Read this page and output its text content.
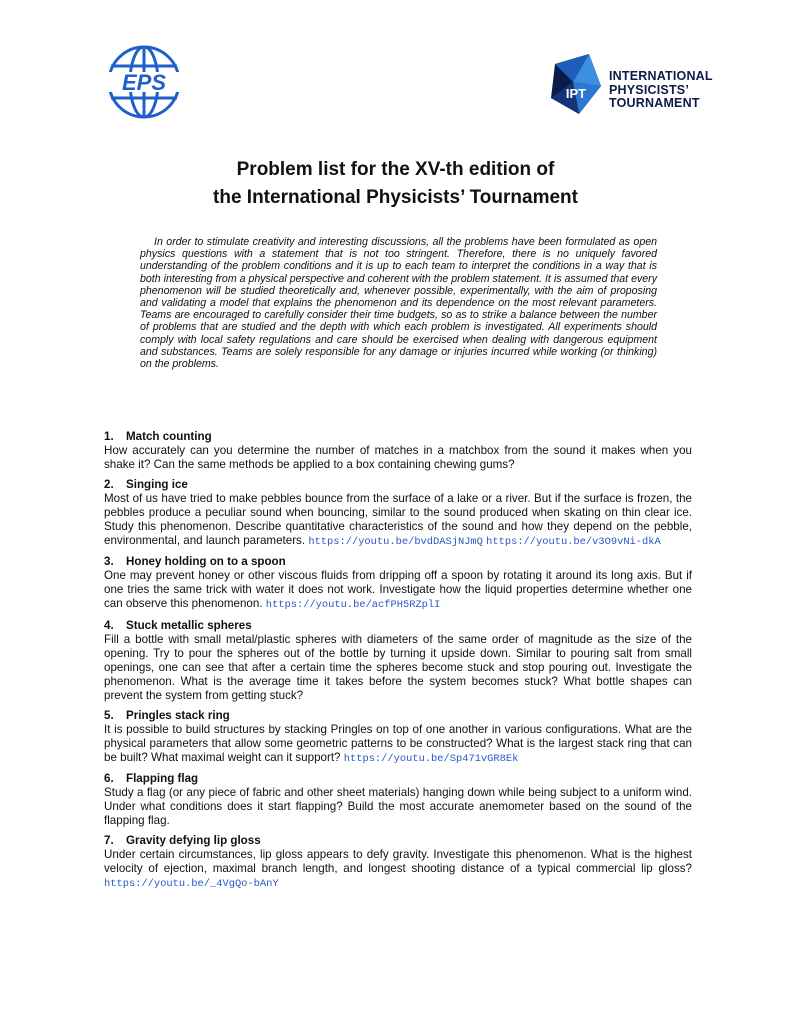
EPS	IPT
INTERNATIONAL
PHYSICISTS’
TOURNAMENT
Problem list for the XV-th edition of
the International Physicists’ Tournament

In order to stimulate creativity and interesting discussions, all the problems have been formulated as open physics questions with a statement that is not too stringent. Therefore, there is no uniquely favored understanding of the problem conditions and it is up to each team to interpret the conditions in a way that is both interesting from a physical perspective and coherent with the problem statement. It is assumed that every phenomenon will be studied theoretically and, whenever possible, experimentally, with the aim of proposing and validating a model that explains the phenomenon and its dependence on the most relevant parameters. Teams are encouraged to carefully consider their time budgets, so as to strike a balance between the number of problems that are studied and the depth with which each problem is investigated. All experiments should comply with local safety regulations and care should be exercised when dealing with dangerous equipment and substances. Teams are solely responsible for any damage or injuries incurred while working (or thinking) on the problems.

1. Match counting
How accurately can you determine the number of matches in a matchbox from the sound it makes when you shake it? Can the same methods be applied to a box containing chewing gums?
2. Singing ice
Most of us have tried to make pebbles bounce from the surface of a lake or a river. But if the surface is frozen, the pebbles produce a peculiar sound when bouncing, similar to the sound produced when skating on thin clear ice. Study this phenomenon. Describe quantitative characteristics of the sound and how they depend on the pebble, environmental, and launch parameters. https://youtu.be/bvdDASjNJmQ https://youtu.be/v3O9vNi-dkA
3. Honey holding on to a spoon
One may prevent honey or other viscous fluids from dripping off a spoon by rotating it around its long axis. But if one tries the same trick with water it does not work. Investigate how the liquid properties determine whether one can observe this phenomenon. https://youtu.be/acfPH5RZplI
4. Stuck metallic spheres
Fill a bottle with small metal/plastic spheres with diameters of the same order of magnitude as the size of the opening. Try to pour the spheres out of the bottle by turning it upside down. Similar to pouring salt from small openings, one can see that after a certain time the spheres become stuck and stop pouring out. Investigate the phenomenon. What is the average time it takes before the system becomes stuck? What bottle shapes can prevent the system from getting stuck?
5. Pringles stack ring
It is possible to build structures by stacking Pringles on top of one another in various configurations. What are the physical parameters that allow some geometric patterns to be constructed? What is the largest stack ring that can be built? What maximal weight can it support? https://youtu.be/Sp471vGR8Ek
6. Flapping flag
Study a flag (or any piece of fabric and other sheet materials) hanging down while being subject to a uniform wind. Under what conditions does it start flapping? Build the most accurate anemometer based on the sound of the flapping flag.
7. Gravity defying lip gloss
Under certain circumstances, lip gloss appears to defy gravity. Investigate this phenomenon. What is the highest velocity of ejection, maximal branch length, and longest shooting distance of a typical commercial lip gloss? https://youtu.be/_4VgQo-bAnY
